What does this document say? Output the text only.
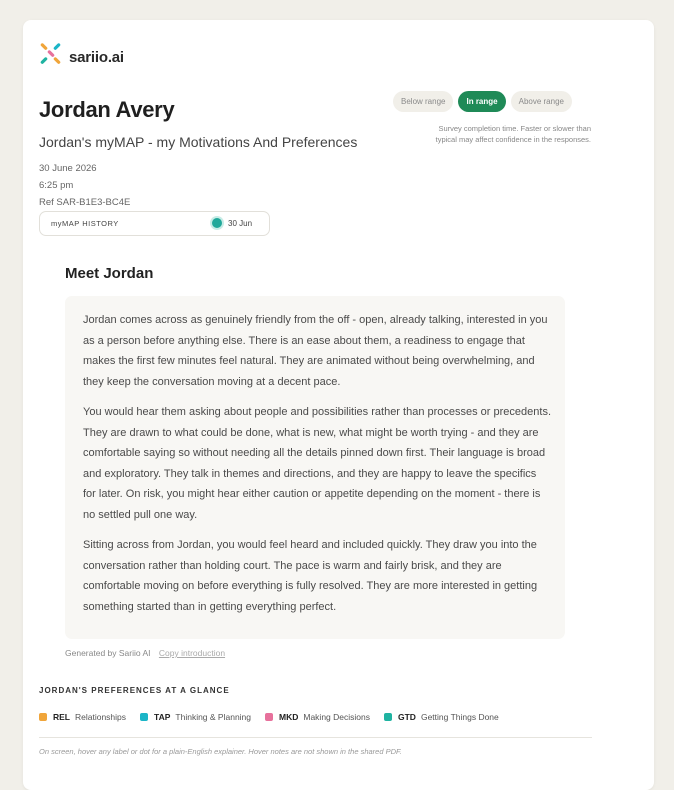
sariio.ai
Jordan Avery
Jordan's myMAP - my Motivations And Preferences
30 June 2026
6:25 pm
Ref SAR-B1E3-BC4E
myMAP HISTORY	30 Jun
Below range	In range	Above range
Survey completion time. Faster or slower than typical may affect confidence in the responses.
Meet Jordan

Jordan comes across as genuinely friendly from the off - open, already talking, interested in you as a person before anything else. There is an ease about them, a readiness to engage that makes the first few minutes feel natural. They are animated without being overwhelming, and they keep the conversation moving at a decent pace.

You would hear them asking about people and possibilities rather than processes or precedents. They are drawn to what could be done, what is new, what might be worth trying - and they are comfortable saying so without needing all the details pinned down first. Their language is broad and exploratory. They talk in themes and directions, and they are happy to leave the specifics for later. On risk, you might hear either caution or appetite depending on the moment - there is no settled pull one way.

Sitting across from Jordan, you would feel heard and included quickly. They draw you into the conversation rather than holding court. The pace is warm and fairly brisk, and they are comfortable moving on before everything is fully resolved. They are more interested in getting something started than in getting everything perfect.

Generated by Sariio AI Copy introduction
JORDAN'S PREFERENCES AT A GLANCE
REL Relationships	TAP Thinking & Planning	MKD Making Decisions	GTD Getting Things Done
On screen, hover any label or dot for a plain-English explainer. Hover notes are not shown in the shared PDF.
